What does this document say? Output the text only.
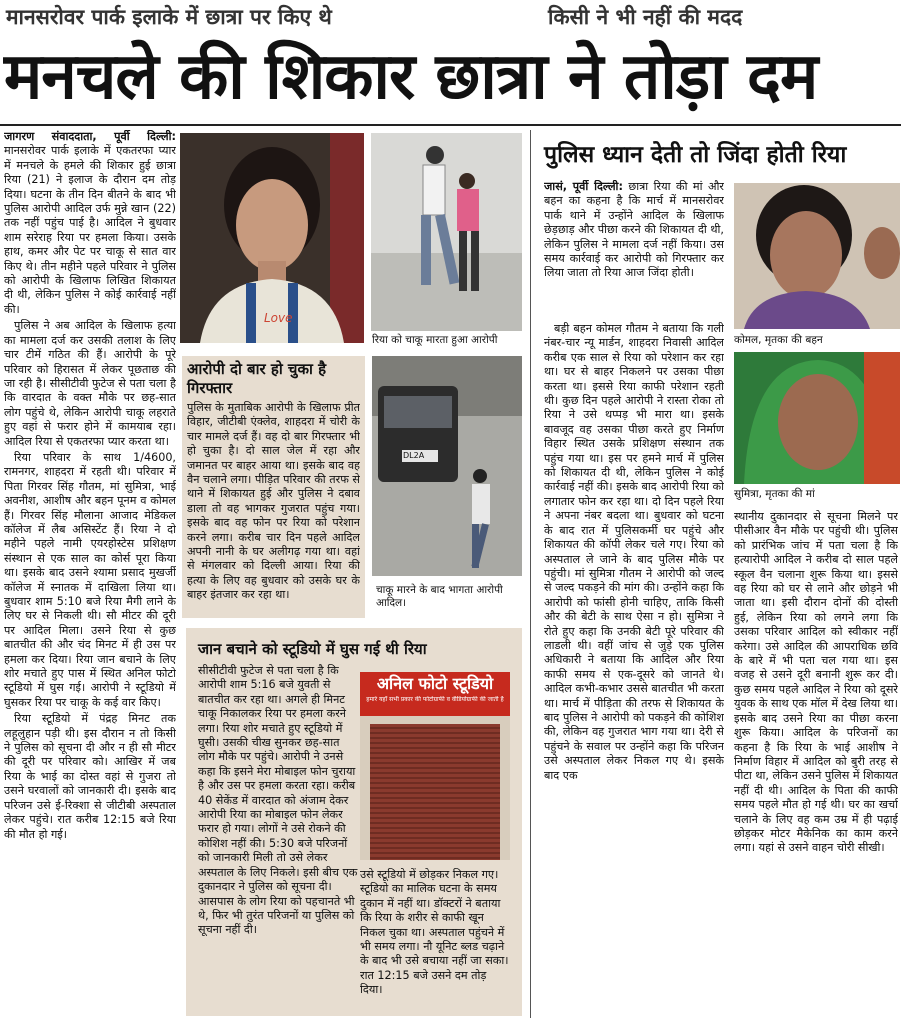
मानसरोवर पार्क इलाके में छात्रा पर किए थे	किसी ने भी नहीं की मदद
मनचले की शिकार छात्रा ने तोड़ा दम

जागरण संवाददाता, पूर्वी दिल्ली: मानसरोवर पार्क इलाके में एकतरफा प्यार में मनचले के हमले की शिकार हुई छात्रा रिया (21) ने इलाज के दौरान दम तोड़ दिया। घटना के तीन दिन बीतने के बाद भी पुलिस आरोपी आदिल उर्फ मुन्ने खान (22) तक नहीं पहुंच पाई है। आदिल ने बुधवार शाम सरेराह रिया पर हमला किया। उसके हाथ, कमर और पेट पर चाकू से सात वार किए थे। तीन महीने पहले परिवार ने पुलिस को आरोपी के खिलाफ लिखित शिकायत दी थी, लेकिन पुलिस ने कोई कार्रवाई नहीं की।

पुलिस ने अब आदिल के खिलाफ हत्या का मामला दर्ज कर उसकी तलाश के लिए चार टीमें गठित की हैं। आरोपी के पूरे परिवार को हिरासत में लेकर पूछताछ की जा रही है। सीसीटीवी फुटेज से पता चला है कि वारदात के वक्त मौके पर छह-सात लोग पहुंचे थे, लेकिन आरोपी चाकू लहराते हुए वहां से फरार होने में कामयाब रहा। आदिल रिया से एकतरफा प्यार करता था।

रिया परिवार के साथ 1/4600, रामनगर, शाहदरा में रहती थी। परिवार में पिता गिरवर सिंह गौतम, मां सुमित्रा, भाई अवनीश, आशीष और बहन पूनम व कोमल हैं। गिरवर सिंह मौलाना आजाद मेडिकल कॉलेज में लैब असिस्टेंट हैं। रिया ने दो महीने पहले नामी एयरहोस्टेस प्रशिक्षण संस्थान से एक साल का कोर्स पूरा किया था। इसके बाद उसने श्यामा प्रसाद मुखर्जी कॉलेज में स्नातक में दाखिला लिया था। बुधवार शाम 5:10 बजे रिया मैगी लाने के लिए घर से निकली थी। सौ मीटर की दूरी पर आदिल मिला। उसने रिया से कुछ बातचीत की और चंद मिनट में ही उस पर हमला कर दिया। रिया जान बचाने के लिए शोर मचाते हुए पास में स्थित अनिल फोटो स्टूडियो में घुस गई। आरोपी ने स्टूडियो में घुसकर रिया पर चाकू के कई वार किए।

रिया स्टूडियो में पंद्रह मिनट तक लहूलुहान पड़ी थी। इस दौरान न तो किसी ने पुलिस को सूचना दी और न ही सौ मीटर की दूरी पर परिवार को। आखिर में जब रिया के भाई का दोस्त वहां से गुजरा तो उसने घरवालों को जानकारी दी। इसके बाद परिजन उसे ई-रिक्शा से जीटीबी अस्पताल लेकर पहुंचे। रात करीब 12:15 बजे रिया की मौत हो गई।

Love
रिया को चाकू मारता हुआ आरोपी
आरोपी दो बार हो चुका है गिरफ्तार
पुलिस के मुताबिक आरोपी के खिलाफ प्रीत विहार, जीटीबी एंक्लेव, शाहदरा में चोरी के चार मामले दर्ज हैं। वह दो बार गिरफ्तार भी हो चुका है। दो साल जेल में रहा और जमानत पर बाहर आया था। इसके बाद वह वैन चलाने लगा। पीड़ित परिवार की तरफ से थाने में शिकायत हुई और पुलिस ने दबाव डाला तो वह भागकर गुजरात पहुंच गया। इसके बाद वह फोन पर रिया को परेशान करने लगा। करीब चार दिन पहले आदिल अपनी नानी के घर अलीगढ़ गया था। वहां से मंगलवार को दिल्ली आया। रिया की हत्या के लिए वह बुधवार को उसके घर के बाहर इंतजार कर रहा था।
DL2A
चाकू मारने के बाद भागता आरोपी आदिल।
जान बचाने को स्टूडियो में घुस गई थी रिया
सीसीटीवी फुटेज से पता चला है कि आरोपी शाम 5:16 बजे युवती से बातचीत कर रहा था। अगले ही मिनट चाकू निकालकर रिया पर हमला करने लगा। रिया शोर मचाते हुए स्टूडियो में घुसी। उसकी चीख सुनकर छह-सात लोग मौके पर पहुंचे। आरोपी ने उनसे कहा कि इसने मेरा मोबाइल फोन चुराया है और उस पर हमला करता रहा। करीब 40 सेकेंड में वारदात को अंजाम देकर आरोपी रिया का मोबाइल फोन लेकर फरार हो गया। लोगों ने उसे रोकने की कोशिश नहीं की। 5:30 बजे परिजनों को जानकारी मिली तो उसे लेकर अस्पताल के लिए निकले। इसी बीच एक दुकानदार ने पुलिस को सूचना दी। आसपास के लोग रिया को पहचानते भी थे, फिर भी तुरंत परिजनों या पुलिस को सूचना नहीं दी।
अनिल फोटो स्टूडियो
हमारे यहाँ सभी प्रकार की फोटोग्राफी व वीडियोग्राफी की जाती है
उसे स्टूडियो में छोड़कर निकल गए। स्टूडियो का मालिक घटना के समय दुकान में नहीं था। डॉक्टरों ने बताया कि रिया के शरीर से काफी खून निकल चुका था। अस्पताल पहुंचने में भी समय लगा। नौ यूनिट ब्लड चढ़ाने के बाद भी उसे बचाया नहीं जा सका। रात 12:15 बजे उसने दम तोड़ दिया।
पुलिस ध्यान देती तो जिंदा होती रिया
जासं, पूर्वी दिल्ली: छात्रा रिया की मां और बहन का कहना है कि मार्च में मानसरोवर पार्क थाने में उन्होंने आदिल के खिलाफ छेड़छाड़ और पीछा करने की शिकायत दी थी, लेकिन पुलिस ने मामला दर्ज नहीं किया। उस समय कार्रवाई कर आरोपी को गिरफ्तार कर लिया जाता तो रिया आज जिंदा होती।

बड़ी बहन कोमल गौतम ने बताया कि गली नंबर-चार न्यू मार्डन, शाहदरा निवासी आदिल करीब एक साल से रिया को परेशान कर रहा था। घर से बाहर निकलने पर उसका पीछा करता था। इससे रिया काफी परेशान रहती थी। कुछ दिन पहले आरोपी ने रास्ता रोका तो रिया ने उसे थप्पड़ भी मारा था। इसके बावजूद वह उसका पीछा करते हुए निर्माण विहार स्थित उसके प्रशिक्षण संस्थान तक पहुंच गया था। इस पर हमने मार्च में पुलिस को शिकायत दी थी, लेकिन पुलिस ने कोई कार्रवाई नहीं की। इसके बाद आरोपी रिया को लगातार फोन कर रहा था। दो दिन पहले रिया ने अपना नंबर बदला था। बुधवार को घटना के बाद रात में पुलिसकर्मी घर पहुंचे और शिकायत की कॉपी लेकर चले गए। रिया को अस्पताल ले जाने के बाद पुलिस मौके पर पहुंची। मां सुमित्रा गौतम ने आरोपी को जल्द से जल्द पकड़ने की मांग की। उन्होंने कहा कि आरोपी को फांसी होनी चाहिए, ताकि किसी और की बेटी के साथ ऐसा न हो। सुमित्रा ने रोते हुए कहा कि उनकी बेटी पूरे परिवार की लाडली थी। वहीं जांच से जुड़े एक पुलिस अधिकारी ने बताया कि आदिल और रिया काफी समय से एक-दूसरे को जानते थे। आदिल कभी-कभार उससे बातचीत भी करता था। मार्च में पीड़िता की तरफ से शिकायत के बाद पुलिस ने आरोपी को पकड़ने की कोशिश की, लेकिन वह गुजरात भाग गया था। देरी से पहुंचने के सवाल पर उन्होंने कहा कि परिजन उसे अस्पताल लेकर निकल गए थे। इसके बाद एक

कोमल, मृतका की बहन
सुमित्रा, मृतका की मां

स्थानीय दुकानदार से सूचना मिलने पर पीसीआर वैन मौके पर पहुंची थी। पुलिस को प्रारंभिक जांच में पता चला है कि हत्यारोपी आदिल ने करीब दो साल पहले स्कूल वैन चलाना शुरू किया था। इससे वह रिया को घर से लाने और छोड़ने भी जाता था। इसी दौरान दोनों की दोस्ती हुई, लेकिन रिया को लगने लगा कि उसका परिवार आदिल को स्वीकार नहीं करेगा। उसे आदिल की आपराधिक छवि के बारे में भी पता चल गया था। इस वजह से उसने दूरी बनानी शुरू कर दी। कुछ समय पहले आदिल ने रिया को दूसरे युवक के साथ एक मॉल में देख लिया था। इसके बाद उसने रिया का पीछा करना शुरू किया। आदिल के परिजनों का कहना है कि रिया के भाई आशीष ने निर्माण विहार में आदिल को बुरी तरह से पीटा था, लेकिन उसने पुलिस में शिकायत नहीं दी थी। आदिल के पिता की काफी समय पहले मौत हो गई थी। घर का खर्चा चलाने के लिए वह कम उम्र में ही पढ़ाई छोड़कर मोटर मैकेनिक का काम करने लगा। यहां से उसने वाहन चोरी सीखी।
